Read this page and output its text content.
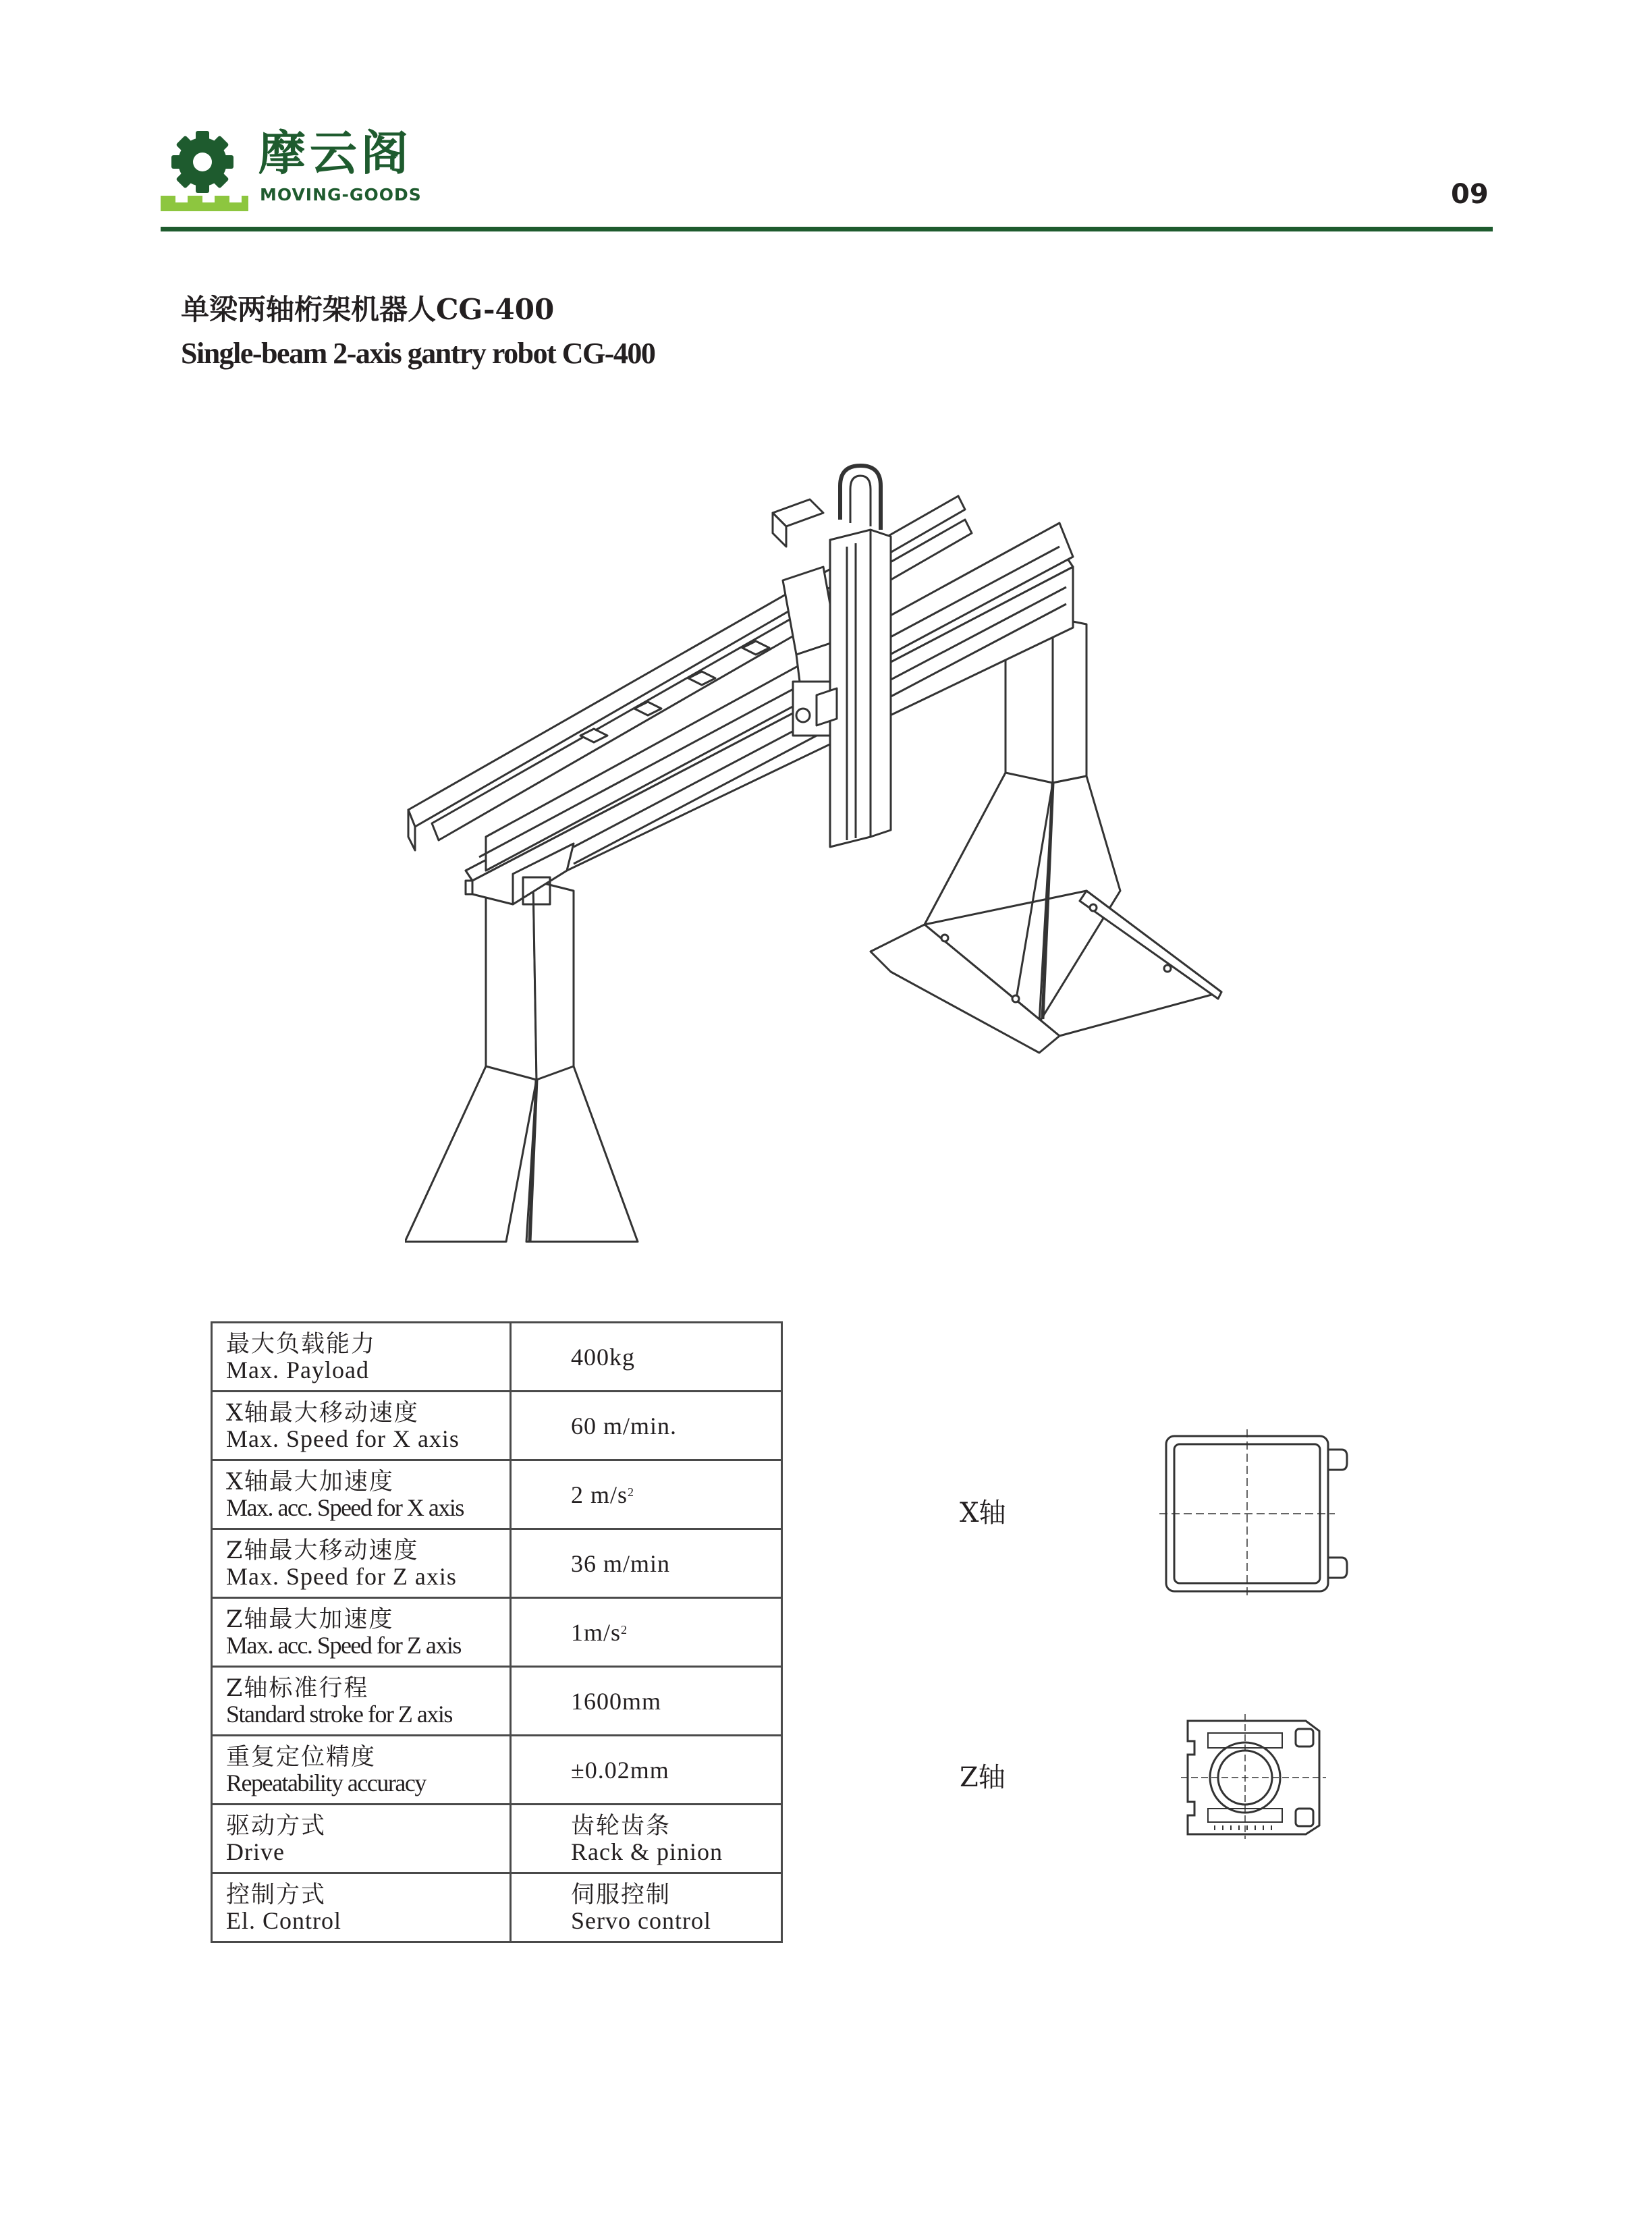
摩云阁
MOVING-GOODS	09
单梁两轴桁架机器人CG-400
Single-beam 2-axis gantry robot CG-400
最大负载能力
Max. Payload	400kg

X轴最大移动速度
Max. Speed for X axis	60 m/min.

X轴最大加速度
Max. acc. Speed for X axis	2 $m/s^2$

Z轴最大移动速度
Max. Speed for Z axis	36 m/min

Z轴最大加速度
Max. acc. Speed for Z axis	$1m/s^2$

Z轴标准行程
Standard stroke for Z axis	1600mm

重复定位精度
Repeatability accuracy	±0.02mm

驱动方式
Drive	齿轮齿条
Rack & pinion

控制方式
El. Control	伺服控制
Servo control
X轴
Z轴
